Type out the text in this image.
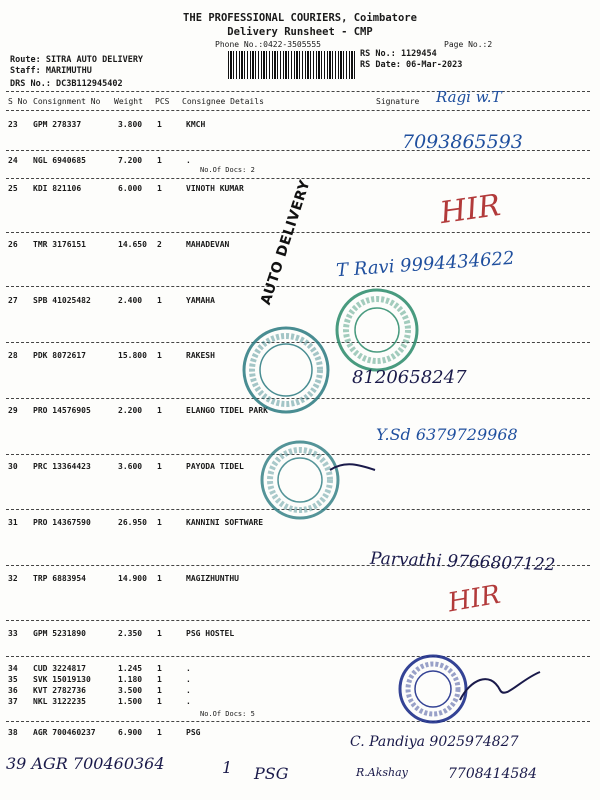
THE PROFESSIONAL COURIERS, Coimbatore
Delivery Runsheet - CMP
Phone No.:0422-3505555	Page No.:2
Route: SITRA AUTO DELIVERY
Staff: MARIMUTHU
DRS No.: DC3B112945402
RS No.: 1129454
RS Date: 06-Mar-2023
S No Consignment No Weight PCS Consignee Details	Signature
23 GPM 278337	3.800 1	KMCH
24 NGL 6940685	7.200 1	.
No.Of Docs: 2
25 KDI 821106	6.000 1	VINOTH KUMAR
26 TMR 3176151	14.650 2	MAHADEVAN
27 SPB 41025482	2.400 1	YAMAHA
28 PDK 8072617	15.800 1	RAKESH
29 PRO 14576905	2.200 1	ELANGO TIDEL PARK
30 PRC 13364423	3.600 1	PAYODA TIDEL
31 PRO 14367590	26.950 1	KANNINI SOFTWARE
32 TRP 6883954	14.900 1	MAGIZHUNTHU
33 GPM 5231890	2.350 1	PSG HOSTEL
34 CUD 3224817	1.245 1	.
35 SVK 15019130	1.180 1	.
36 KVT 2782736	3.500 1	.
37 NKL 3122235	1.500 1	.
No.Of Docs: 5
38 AGR 700460237	6.900 1	PSG
AUTO DELIVERY
Ragi w.T
7093865593
HIR
T Ravi 9994434622
8120658247
Y.Sd 6379729968
Parvathi 9766807122
HIR
C. Pandiya 9025974827
39 AGR 700460364	1 PSG	R.Akshay	7708414584
